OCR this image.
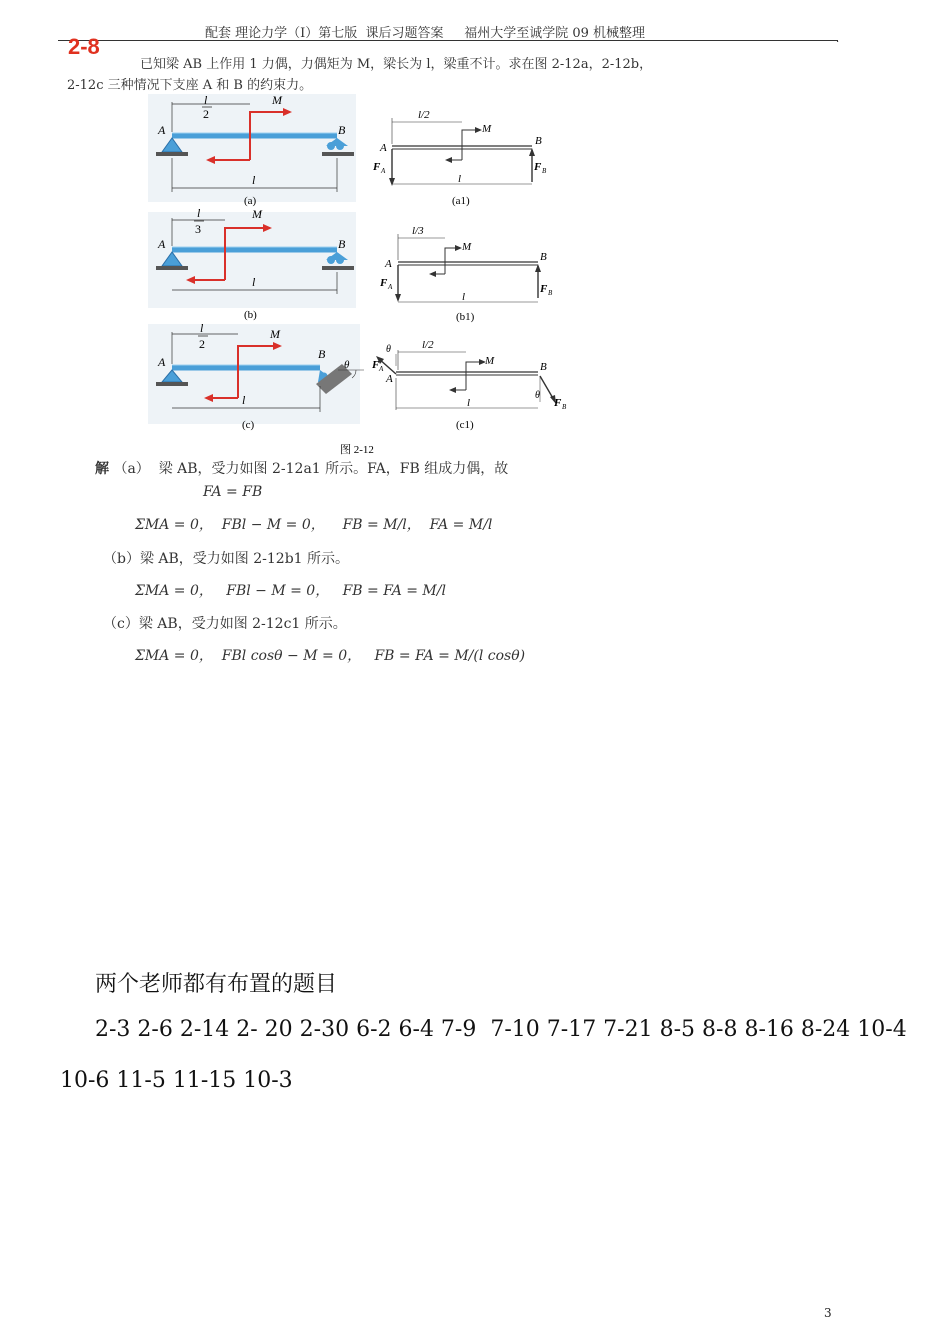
配套 理论力学（I）第七版  课后习题答案     福州大学至诚学院 09 机械整理	.
2-8
已知梁 AB 上作用 1 力偶，力偶矩为 M，梁长为 l，梁重不计。求在图 2-12a，2-12b，
2-12c 三种情况下支座 A 和 B 的约束力。
l
2
M
A	B
l
(a)
l/2
M
A
B
F A	F B
l
(a1)
l
3
M
A	B
l
(b)
l/3
M
A
B
F A	F B
l
(b1)
θ
l
2
M
A
B
l
(c)
l/2
M
θ
F A
A
θ
B
F B
l
(c1)
图 2-12
解 （a）  梁 AB，受力如图 2-12a1 所示。FA，FB 组成力偶，故
FA = FB
ΣMA = 0，  FBl − M = 0，    FB = M/l，  FA = M/l
（b）梁 AB，受力如图 2-12b1 所示。
ΣMA = 0，   FBl − M = 0，   FB = FA = M/l
（c）梁 AB，受力如图 2-12c1 所示。
ΣMA = 0，  FBl cosθ − M = 0，   FB = FA = M/(l cosθ)
两个老师都有布置的题目
2-3 2-6 2-14 2- 20 2-30 6-2 6-4 7-9  7-10 7-17 7-21 8-5 8-8 8-16 8-24 10-4
10-6 11-5 11-15 10-3
3
